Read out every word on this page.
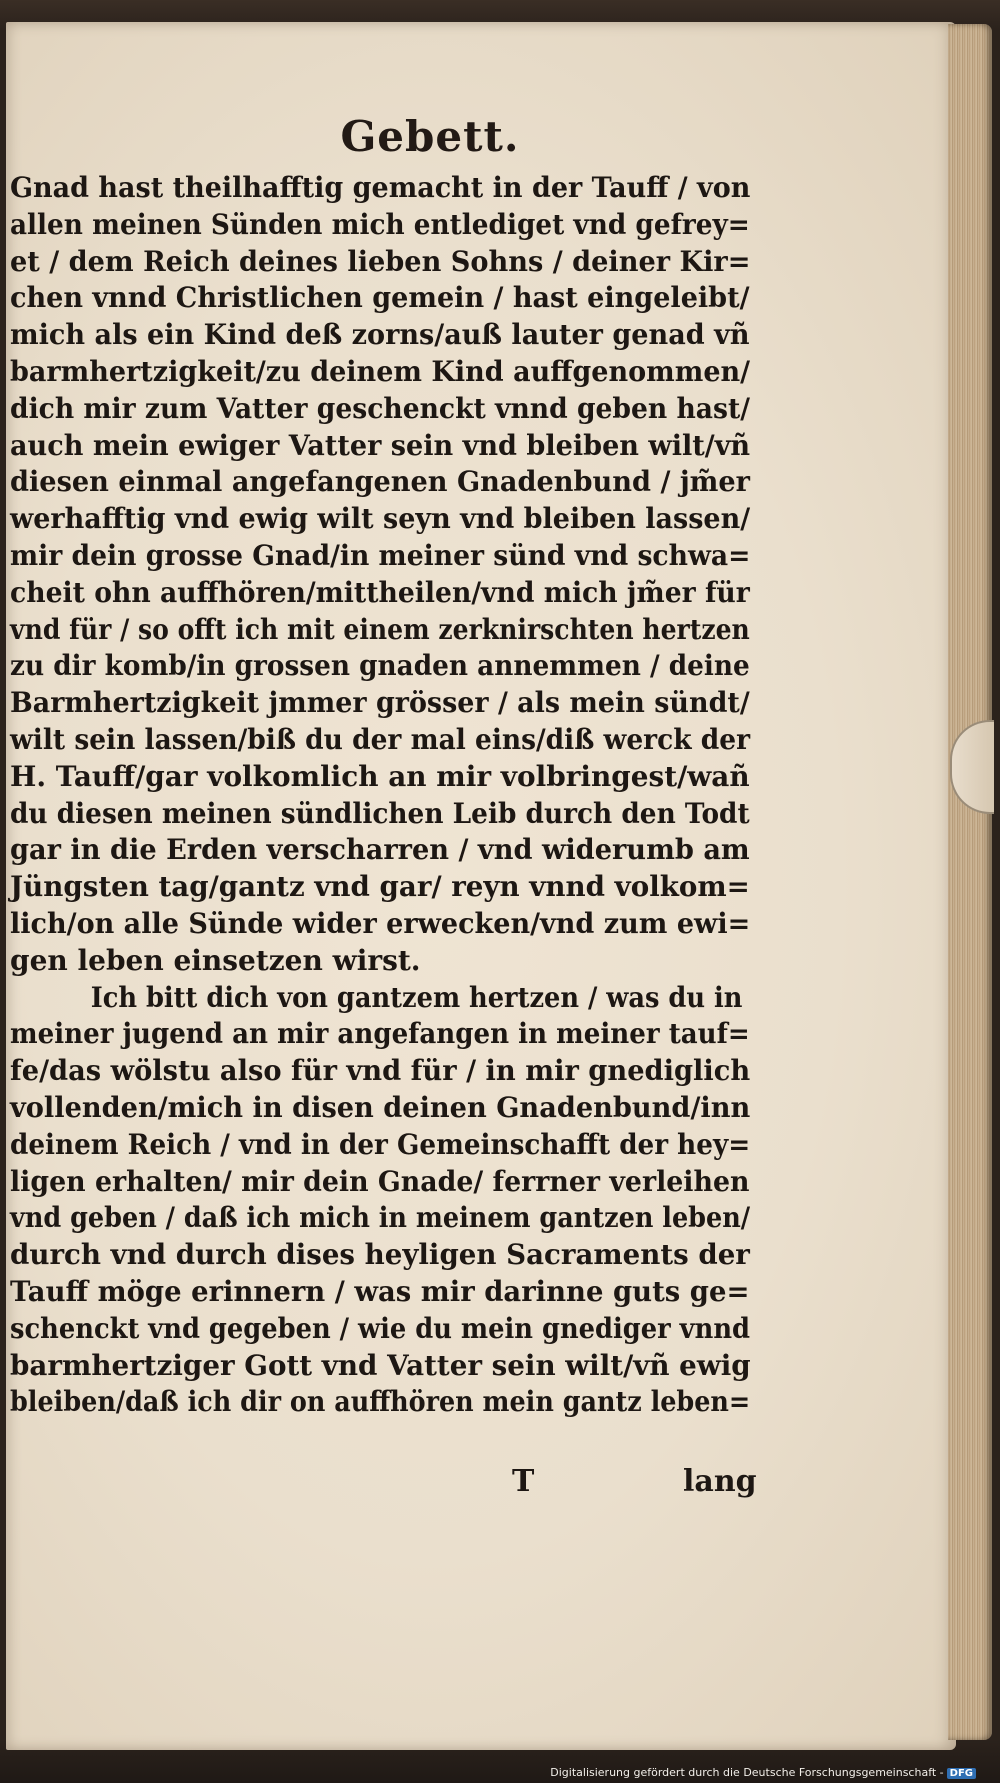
Gebett.
Gnad hast theilhafftig gemacht in der Tauff / von
allen meinen Sünden mich entlediget vnd gefrey=
et / dem Reich deines lieben Sohns / deiner Kir=
chen vnnd Christlichen gemein / hast eingeleibt/
mich als ein Kind deß zorns/auß lauter genad vñ
barmhertzigkeit/zu deinem Kind auffgenommen/
dich mir zum Vatter geschenckt vnnd geben hast/
auch mein ewiger Vatter sein vnd bleiben wilt/vñ
diesen einmal angefangenen Gnadenbund / jm̃er
werhafftig vnd ewig wilt seyn vnd bleiben lassen/
mir dein grosse Gnad/in meiner sünd vnd schwa=
cheit ohn auffhören/mittheilen/vnd mich jm̃er für
vnd für / so offt ich mit einem zerknirschten hertzen
zu dir komb/in grossen gnaden annemmen / deine
Barmhertzigkeit jmmer grösser / als mein sündt/
wilt sein lassen/biß du der mal eins/diß werck der
H. Tauff/gar volkomlich an mir volbringest/wañ
du diesen meinen sündlichen Leib durch den Todt
gar in die Erden verscharren / vnd widerumb am
Jüngsten tag/gantz vnd gar/ reyn vnnd volkom=
lich/on alle Sünde wider erwecken/vnd zum ewi=
gen leben einsetzen wirst.
Ich bitt dich von gantzem hertzen / was du in
meiner jugend an mir angefangen in meiner tauf=
fe/das wölstu also für vnd für / in mir gnediglich
vollenden/mich in disen deinen Gnadenbund/inn
deinem Reich / vnd in der Gemeinschafft der hey=
ligen erhalten/ mir dein Gnade/ ferrner verleihen
vnd geben / daß ich mich in meinem gantzen leben/
durch vnd durch dises heyligen Sacraments der
Tauff möge erinnern / was mir darinne guts ge=
schenckt vnd gegeben / wie du mein gnediger vnnd
barmhertziger Gott vnd Vatter sein wilt/vñ ewig
bleiben/daß ich dir on auffhören mein gantz leben=
T	lang
Digitalisierung gefördert durch die Deutsche Forschungsgemeinschaft - DFG
